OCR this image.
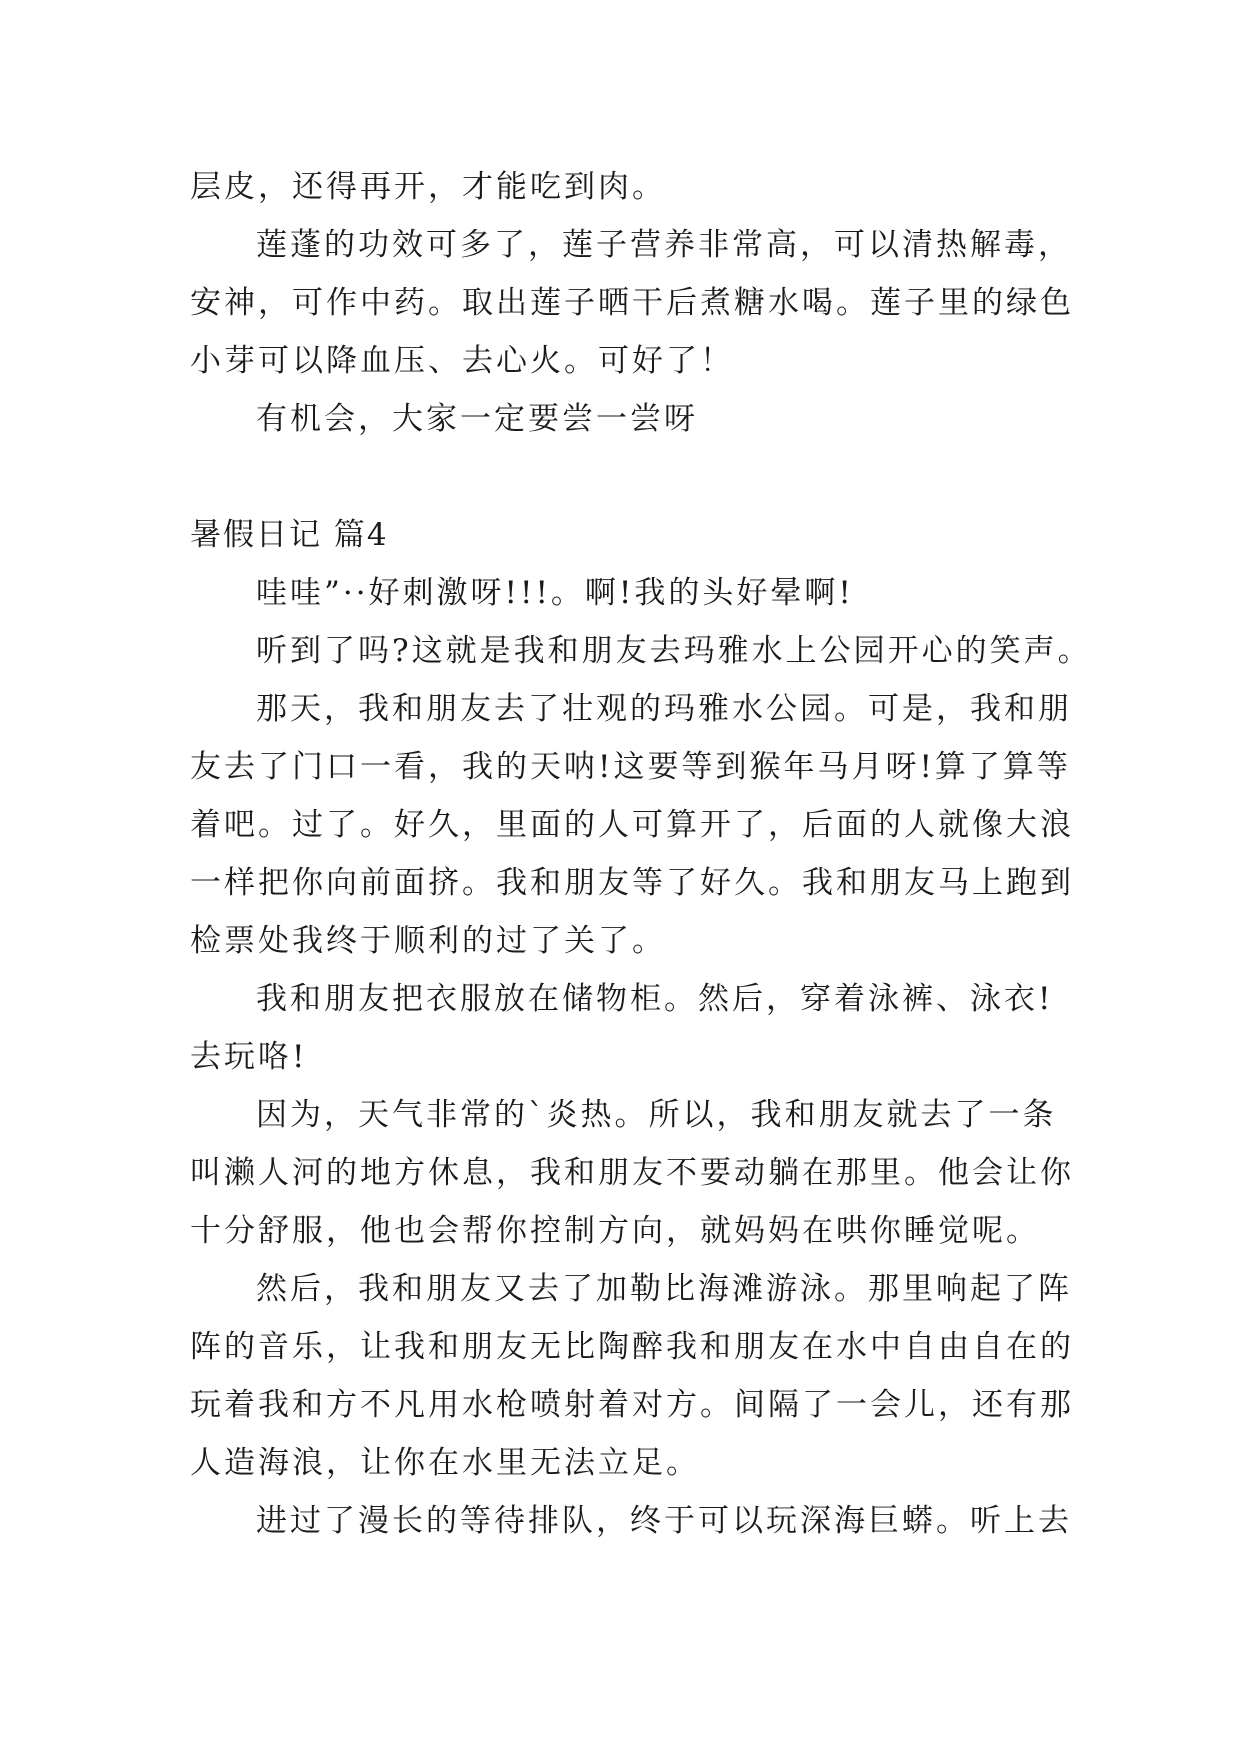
层皮，还得再开，才能吃到肉。
莲蓬的功效可多了，莲子营养非常高，可以清热解毒，
安神，可作中药。取出莲子晒干后煮糖水喝。莲子里的绿色
小芽可以降血压、去心火。可好了！
有机会，大家一定要尝一尝呀
暑假日记 篇4
哇哇”··好刺激呀!!!。啊!我的头好晕啊!
听到了吗?这就是我和朋友去玛雅水上公园开心的笑声。
那天，我和朋友去了壮观的玛雅水公园。可是，我和朋
友去了门口一看，我的天呐!这要等到猴年马月呀!算了算等
着吧。过了。好久，里面的人可算开了，后面的人就像大浪
一样把你向前面挤。我和朋友等了好久。我和朋友马上跑到
检票处我终于顺利的过了关了。
我和朋友把衣服放在储物柜。然后，穿着泳裤、泳衣!
去玩咯!
因为，天气非常的`炎热。所以，我和朋友就去了一条
叫濑人河的地方休息，我和朋友不要动躺在那里。他会让你
十分舒服，他也会帮你控制方向，就妈妈在哄你睡觉呢。
然后，我和朋友又去了加勒比海滩游泳。那里响起了阵
阵的音乐，让我和朋友无比陶醉我和朋友在水中自由自在的
玩着我和方不凡用水枪喷射着对方。间隔了一会儿，还有那
人造海浪，让你在水里无法立足。
进过了漫长的等待排队，终于可以玩深海巨蟒。听上去
